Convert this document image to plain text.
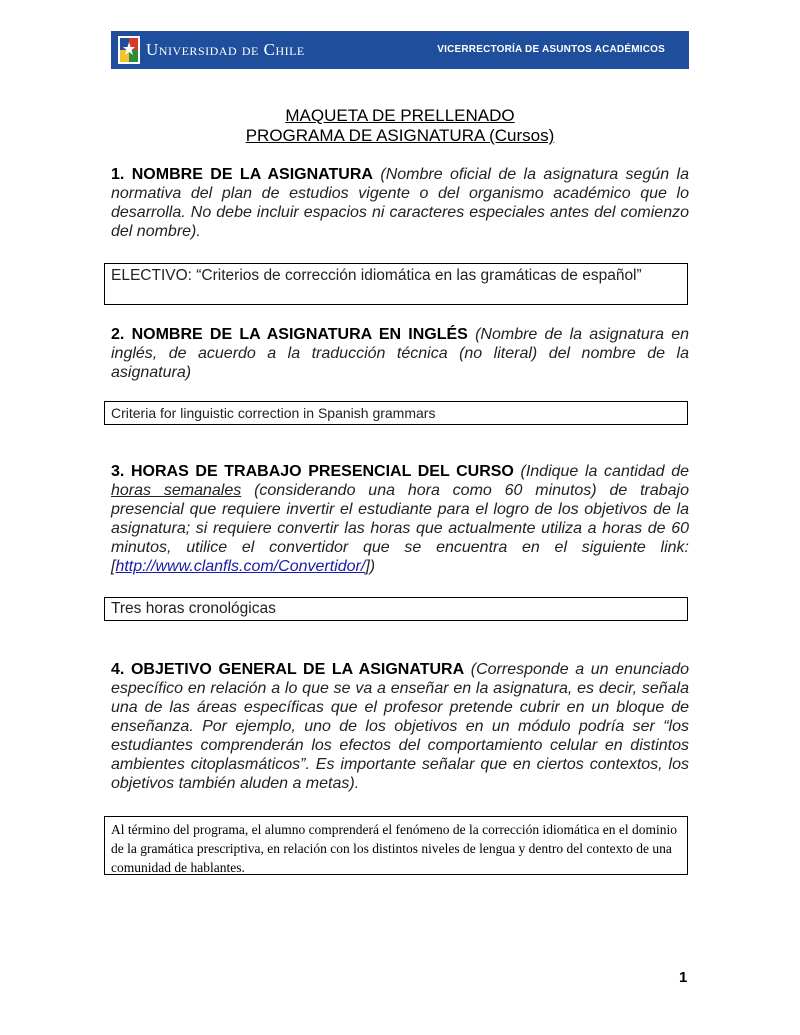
Universidad de Chile	VICERRECTORÍA DE ASUNTOS ACADÉMICOS
MAQUETA DE PRELLENADO
PROGRAMA DE ASIGNATURA (Cursos)
1. NOMBRE DE LA ASIGNATURA (Nombre oficial de la asignatura según la normativa del plan de estudios vigente o del organismo académico que lo desarrolla. No debe incluir espacios ni caracteres especiales antes del comienzo del nombre).
ELECTIVO: “Criterios de corrección idiomática en las gramáticas de español”
2. NOMBRE DE LA ASIGNATURA EN INGLÉS (Nombre de la asignatura en inglés, de acuerdo a la traducción técnica (no literal) del nombre de la asignatura)
Criteria for linguistic correction in Spanish grammars
3. HORAS DE TRABAJO PRESENCIAL DEL CURSO (Indique la cantidad de horas semanales (considerando una hora como 60 minutos) de trabajo presencial que requiere invertir el estudiante para el logro de los objetivos de la asignatura; si requiere convertir las horas que actualmente utiliza a horas de 60 minutos, utilice el convertidor que se encuentra en el siguiente link: [http://www.clanfls.com/Convertidor/])
Tres horas cronológicas
4. OBJETIVO GENERAL DE LA ASIGNATURA (Corresponde a un enunciado específico en relación a lo que se va a enseñar en la asignatura, es decir, señala una de las áreas específicas que el profesor pretende cubrir en un bloque de enseñanza. Por ejemplo, uno de los objetivos en un módulo podría ser “los estudiantes comprenderán los efectos del comportamiento celular en distintos ambientes citoplasmáticos”. Es importante señalar que en ciertos contextos, los objetivos también aluden a metas).
Al término del programa, el alumno comprenderá el fenómeno de la corrección idiomática en el dominio de la gramática prescriptiva, en relación con los distintos niveles de lengua y dentro del contexto de una comunidad de hablantes.
1
